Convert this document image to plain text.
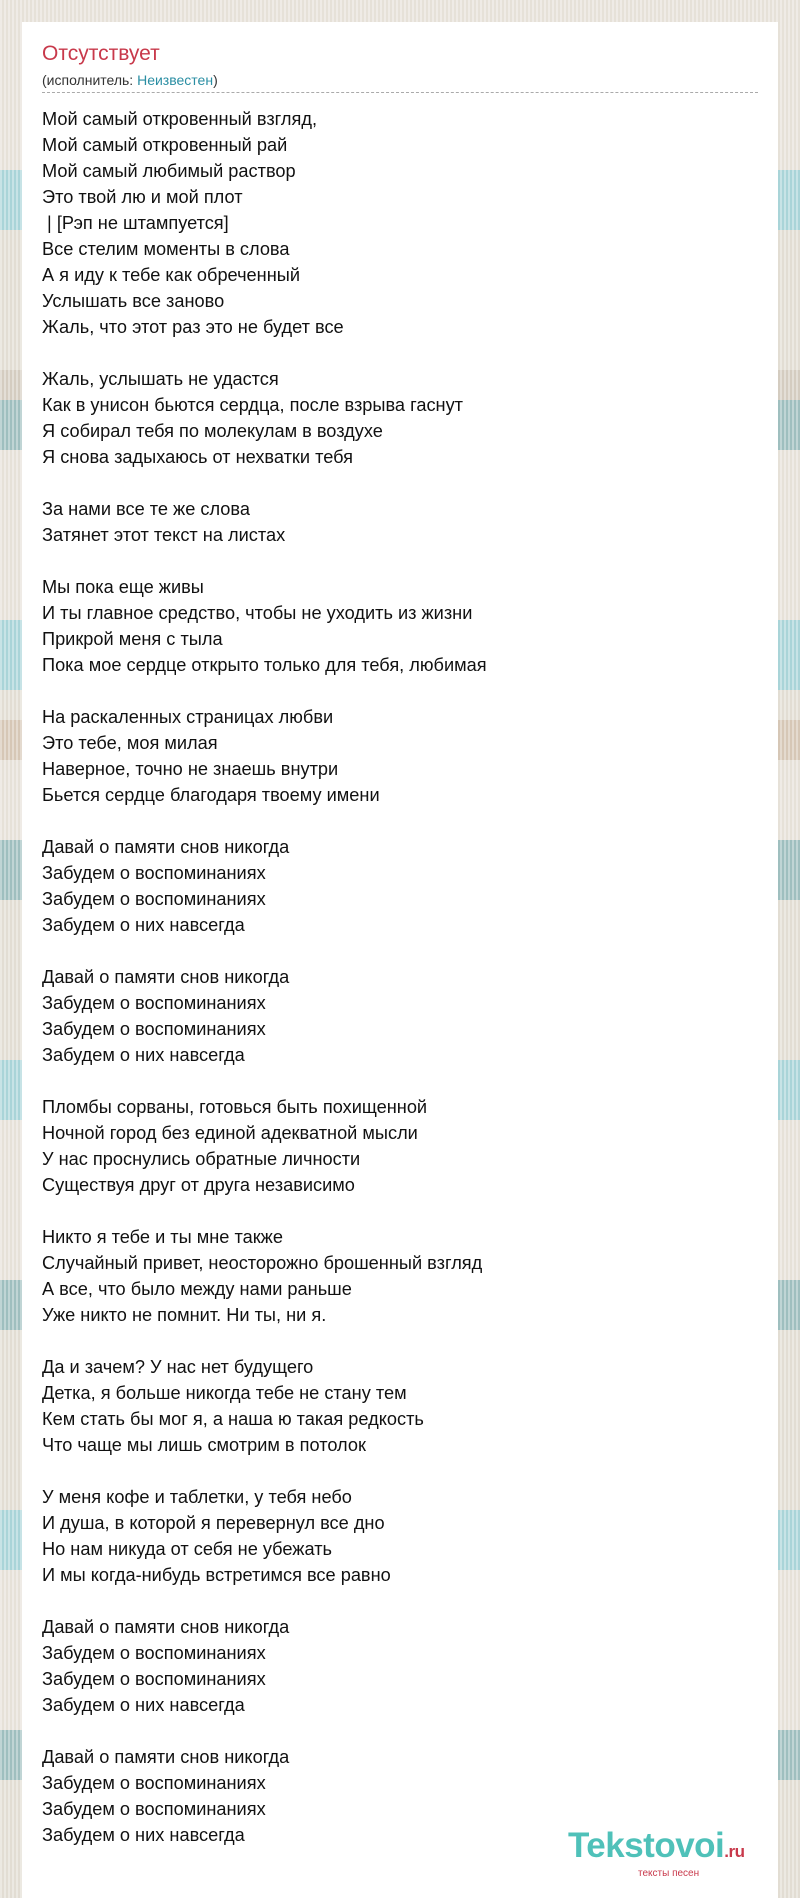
Отсутствует
(исполнитель: Неизвестен)
Мой самый откровенный взгляд,
Мой самый откровенный рай
Мой самый любимый раствор
Это твой лю и мой плот
| [Рэп не штампуется]
Все стелим моменты в слова
А я иду к тебе как обреченный
Услышать все заново
Жаль, что этот раз это не будет все
Жаль, услышать не удастся
Как в унисон бьются сердца, после взрыва гаснут
Я собирал тебя по молекулам в воздухе
Я снова задыхаюсь от нехватки тебя
За нами все те же слова
Затянет этот текст на листах
Мы пока еще живы
И ты главное средство, чтобы не уходить из жизни
Прикрой меня с тыла
Пока мое сердце открыто только для тебя, любимая
На раскаленных страницах любви
Это тебе, моя милая
Наверное, точно не знаешь внутри
Бьется сердце благодаря твоему имени
Давай о памяти снов никогда
Забудем о воспоминаниях
Забудем о воспоминаниях
Забудем о них навсегда
Давай о памяти снов никогда
Забудем о воспоминаниях
Забудем о воспоминаниях
Забудем о них навсегда
Пломбы сорваны, готовься быть похищенной
Ночной город без единой адекватной мысли
У нас проснулись обратные личности
Существуя друг от друга независимо
Никто я тебе и ты мне также
Случайный привет, неосторожно брошенный взгляд
А все, что было между нами раньше
Уже никто не помнит. Ни ты, ни я.
Да и зачем? У нас нет будущего
Детка, я больше никогда тебе не стану тем
Кем стать бы мог я, а наша ю такая редкость
Что чаще мы лишь смотрим в потолок
У меня кофе и таблетки, у тебя небо
И душа, в которой я перевернул все дно
Но нам никуда от себя не убежать
И мы когда-нибудь встретимся все равно
Давай о памяти снов никогда
Забудем о воспоминаниях
Забудем о воспоминаниях
Забудем о них навсегда
Давай о памяти снов никогда
Забудем о воспоминаниях
Забудем о воспоминаниях
Забудем о них навсегда	Tekstovoi.ru
тексты песен
